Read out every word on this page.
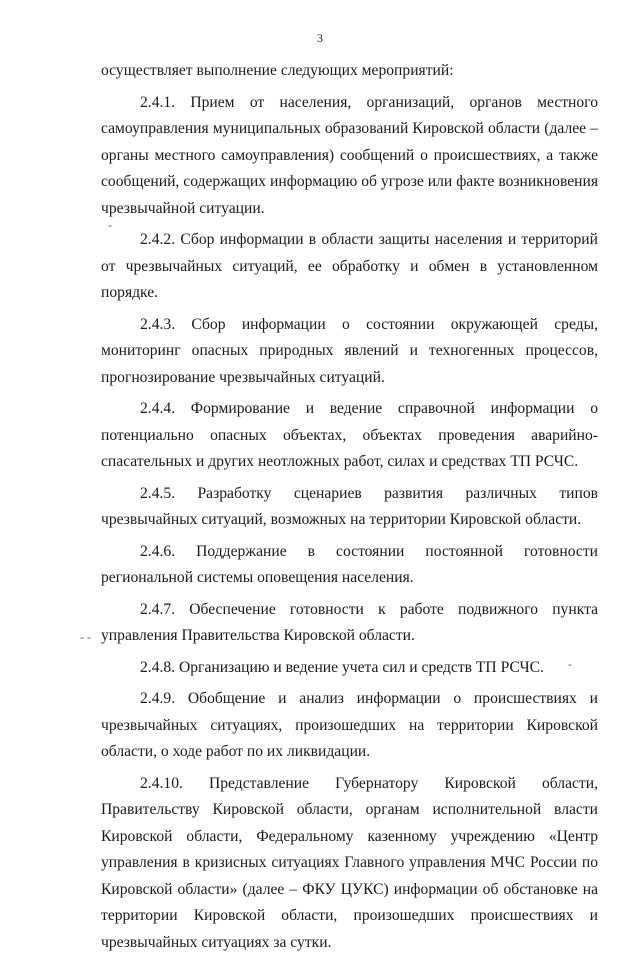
3

осуществляет выполнение следующих мероприятий:

2.4.1. Прием от населения, организаций, органов местного самоуправления муниципальных образований Кировской области (далее – органы местного самоуправления) сообщений о происшествиях, а также сообщений, содержащих информацию об угрозе или факте возникновения чрезвычайной ситуации.

2.4.2. Сбор информации в области защиты населения и территорий от чрезвычайных ситуаций, ее обработку и обмен в установленном порядке.

2.4.3. Сбор информации о состоянии окружающей среды, мониторинг опасных природных явлений и техногенных процессов, прогнозирование чрезвычайных ситуаций.

2.4.4. Формирование и ведение справочной информации о потенциально опасных объектах, объектах проведения аварийно-спасательных и других неотложных работ, силах и средствах ТП РСЧС.

2.4.5. Разработку сценариев развития различных типов чрезвычайных ситуаций, возможных на территории Кировской области.

2.4.6. Поддержание в состоянии постоянной готовности региональной системы оповещения населения.

2.4.7. Обеспечение готовности к работе подвижного пункта управления Правительства Кировской области.

2.4.8. Организацию и ведение учета сил и средств ТП РСЧС.

2.4.9. Обобщение и анализ информации о происшествиях и чрезвычайных ситуациях, произошедших на территории Кировской области, о ходе работ по их ликвидации.

2.4.10. Представление Губернатору Кировской области, Правительству Кировской области, органам исполнительной власти Кировской области, Федеральному казенному учреждению «Центр управления в кризисных ситуациях Главного управления МЧС России по Кировской области» (далее – ФКУ ЦУКС) информации об обстановке на территории Кировской области, произошедших происшествиях и чрезвычайных ситуациях за сутки.

-
- -
-
